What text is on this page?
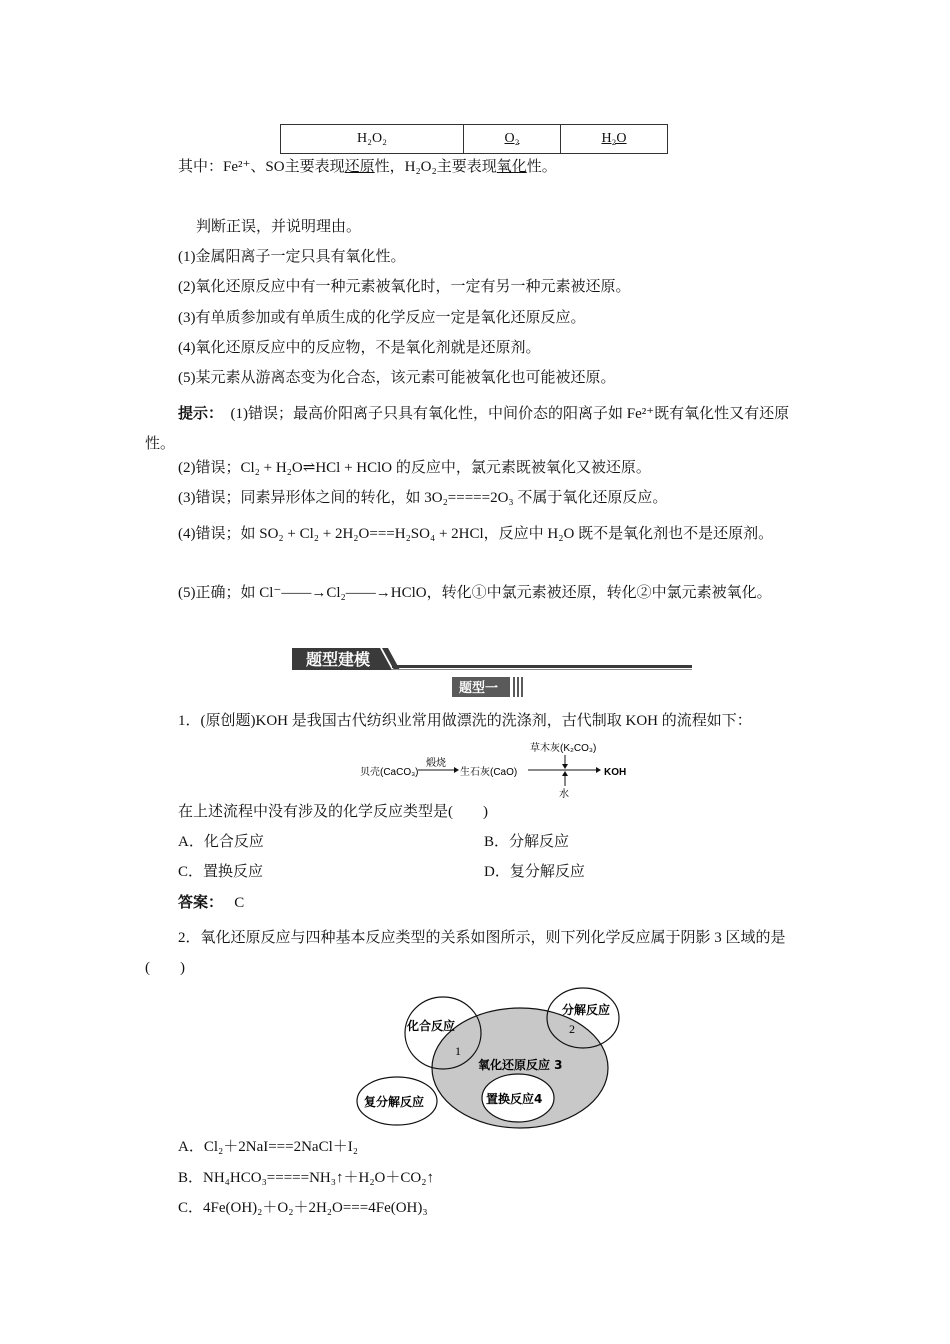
H₂O₂	O₂	H₂O
其中：Fe²⁺、SO主要表现还原性，H₂O₂主要表现氧化性。
判断正误，并说明理由。
(1)金属阳离子一定只具有氧化性。
(2)氧化还原反应中有一种元素被氧化时，一定有另一种元素被还原。
(3)有单质参加或有单质生成的化学反应一定是氧化还原反应。
(4)氧化还原反应中的反应物，不是氧化剂就是还原剂。
(5)某元素从游离态变为化合态，该元素可能被氧化也可能被还原。
提示： (1)错误；最高价阳离子只具有氧化性，中间价态的阳离子如 Fe²⁺既有氧化性又有还原性。
(2)错误；Cl₂ + H₂O⇌HCl + HClO 的反应中，氯元素既被氧化又被还原。
(3)错误；同素异形体之间的转化，如 3O₂=====2O₃ 不属于氧化还原反应。
(4)错误；如 SO₂ + Cl₂ + 2H₂O===H₂SO₄ + 2HCl，反应中 H₂O 既不是氧化剂也不是还原剂。
(5)正确；如 Cl⁻——→Cl₂——→HClO，转化①中氯元素被还原，转化②中氯元素被氧化。
题型建模
题型一
1．(原创题)KOH 是我国古代纺织业常用做漂洗的洗涤剂，古代制取 KOH 的流程如下：
贝壳(CaCO₃)
煅烧
生石灰(CaO)
草木灰(K₂CO₃)
水
KOH
在上述流程中没有涉及的化学反应类型是(　　)
A．化合反应	B．分解反应
C．置换反应	D．复分解反应
答案： C
2．氧化还原反应与四种基本反应类型的关系如图所示，则下列化学反应属于阴影 3 区域的是(　　)
化合反应
1
分解反应
2
氧化还原反应 3
复分解反应	置换反应4
A．Cl₂＋2NaI===2NaCl＋I₂
B．NH₄HCO₃=====NH₃↑＋H₂O＋CO₂↑
C．4Fe(OH)₂＋O₂＋2H₂O===4Fe(OH)₃
